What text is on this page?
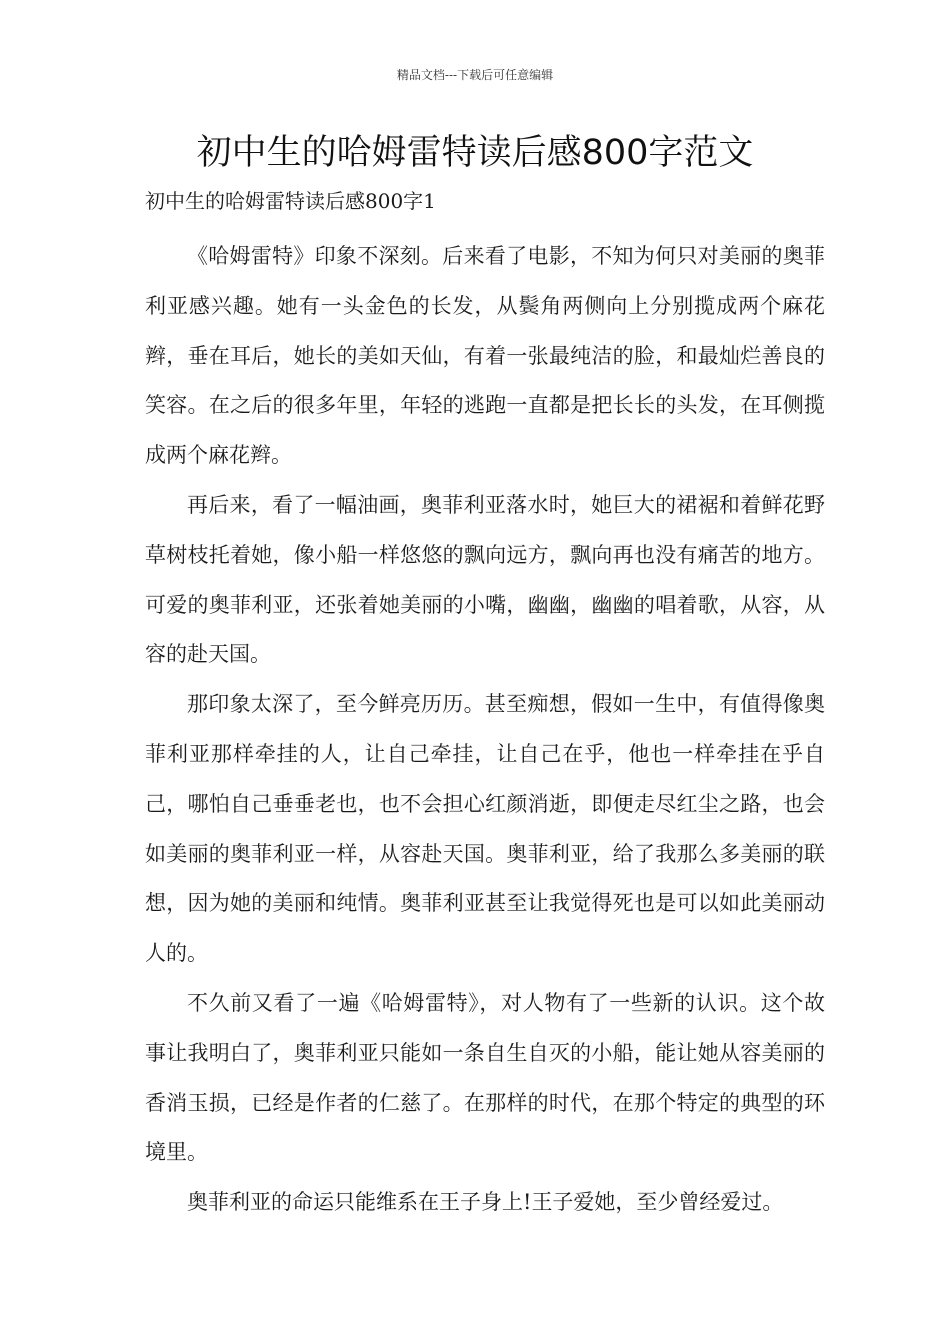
精品文档---下载后可任意编辑
初中生的哈姆雷特读后感800字范文
初中生的哈姆雷特读后感800字1

《哈姆雷特》印象不深刻。后来看了电影，不知为何只对美丽的奥菲利亚感兴趣。她有一头金色的长发，从鬓角两侧向上分别揽成两个麻花辫，垂在耳后，她长的美如天仙，有着一张最纯洁的脸，和最灿烂善良的笑容。在之后的很多年里，年轻的逃跑一直都是把长长的头发，在耳侧揽成两个麻花辫。

再后来，看了一幅油画，奥菲利亚落水时，她巨大的裙裾和着鲜花野草树枝托着她，像小船一样悠悠的飘向远方，飘向再也没有痛苦的地方。可爱的奥菲利亚，还张着她美丽的小嘴，幽幽，幽幽的唱着歌，从容，从容的赴天国。

那印象太深了，至今鲜亮历历。甚至痴想，假如一生中，有值得像奥菲利亚那样牵挂的人，让自己牵挂，让自己在乎，他也一样牵挂在乎自己，哪怕自己垂垂老也，也不会担心红颜消逝，即便走尽红尘之路，也会如美丽的奥菲利亚一样，从容赴天国。奥菲利亚，给了我那么多美丽的联想，因为她的美丽和纯情。奥菲利亚甚至让我觉得死也是可以如此美丽动人的。

不久前又看了一遍《哈姆雷特》，对人物有了一些新的认识。这个故事让我明白了，奥菲利亚只能如一条自生自灭的小船，能让她从容美丽的香消玉损，已经是作者的仁慈了。在那样的时代，在那个特定的典型的环境里。

奥菲利亚的命运只能维系在王子身上!王子爱她，至少曾经爱过。
